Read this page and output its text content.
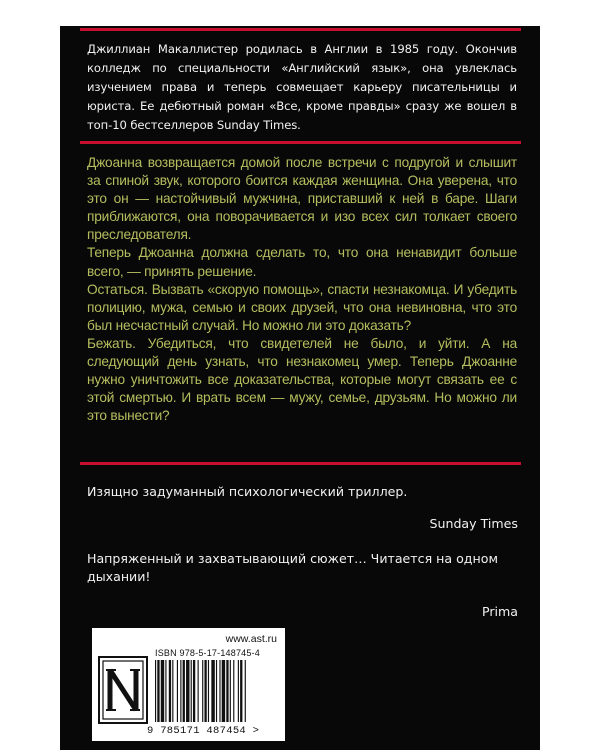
Джиллиан Макаллистер родилась в Англии в 1985 году. Окончив колледж по специальности «Английский язык», она увлеклась изучением права и теперь совмещает карьеру писательницы и юриста. Ее дебютный роман «Все, кроме правды» сразу же вошел в топ-10 бестселлеров Sunday Times.

Джоанна возвращается домой после встречи с подругой и слышит за спиной звук, которого боится каждая женщина. Она уверена, что это он — настойчивый мужчина, приставший к ней в баре. Шаги приближаются, она поворачивается и изо всех сил толкает своего преследователя.

Теперь Джоанна должна сделать то, что она ненавидит больше всего, — принять решение.

Остаться. Вызвать «скорую помощь», спасти незнакомца. И убедить полицию, мужа, семью и своих друзей, что она невиновна, что это был несчастный случай. Но можно ли это доказать?

Бежать. Убедиться, что свидетелей не было, и уйти. А на следующий день узнать, что незнакомец умер. Теперь Джоанне нужно уничтожить все доказательства, которые могут связать ее с этой смертью. И врать всем — мужу, семье, друзьям. Но можно ли это вынести?

Изящно задуманный психологический триллер.
Sunday Times
Напряженный и захватывающий сюжет… Читается на одном дыхании!
Prima
www.ast.ru
ISBN 978-5-17-148745-4
9 785171 487454 >
